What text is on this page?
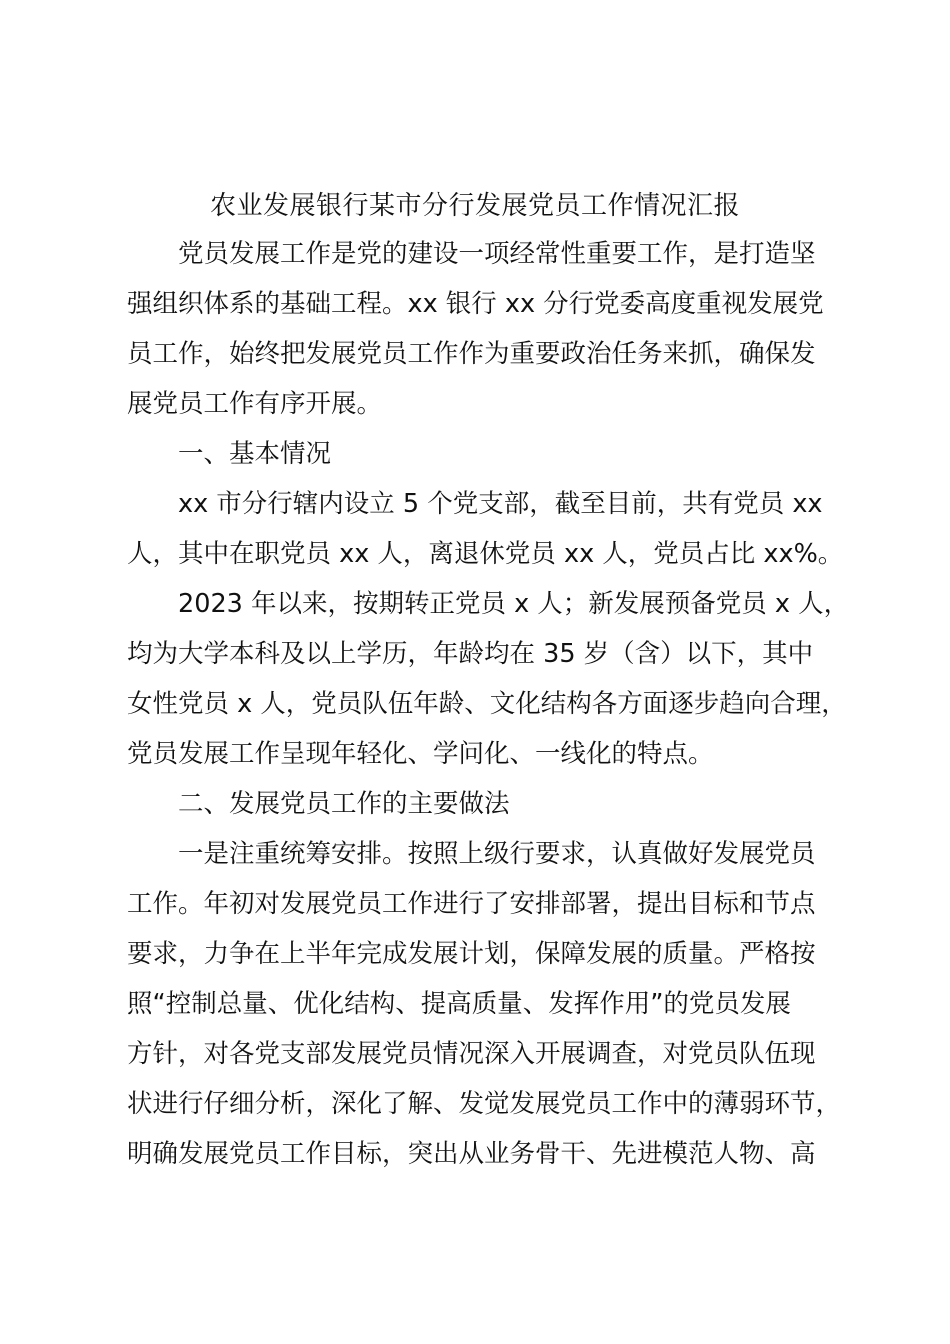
农业发展银行某市分行发展党员工作情况汇报
党员发展工作是党的建设一项经常性重要工作，是打造坚
强组织体系的基础工程。xx 银行 xx 分行党委高度重视发展党
员工作，始终把发展党员工作作为重要政治任务来抓，确保发
展党员工作有序开展。
一、基本情况
xx 市分行辖内设立 5 个党支部，截至目前，共有党员 xx
人，其中在职党员 xx 人，离退休党员 xx 人，党员占比 xx%。
2023 年以来，按期转正党员 x 人；新发展预备党员 x 人，
均为大学本科及以上学历，年龄均在 35 岁（含）以下，其中
女性党员 x 人，党员队伍年龄、文化结构各方面逐步趋向合理，
党员发展工作呈现年轻化、学问化、一线化的特点。
二、发展党员工作的主要做法
一是注重统筹安排。按照上级行要求，认真做好发展党员
工作。年初对发展党员工作进行了安排部署，提出目标和节点
要求，力争在上半年完成发展计划，保障发展的质量。严格按
照“控制总量、优化结构、提高质量、发挥作用”的党员发展
方针，对各党支部发展党员情况深入开展调查，对党员队伍现
状进行仔细分析，深化了解、发觉发展党员工作中的薄弱环节，
明确发展党员工作目标，突出从业务骨干、先进模范人物、高
